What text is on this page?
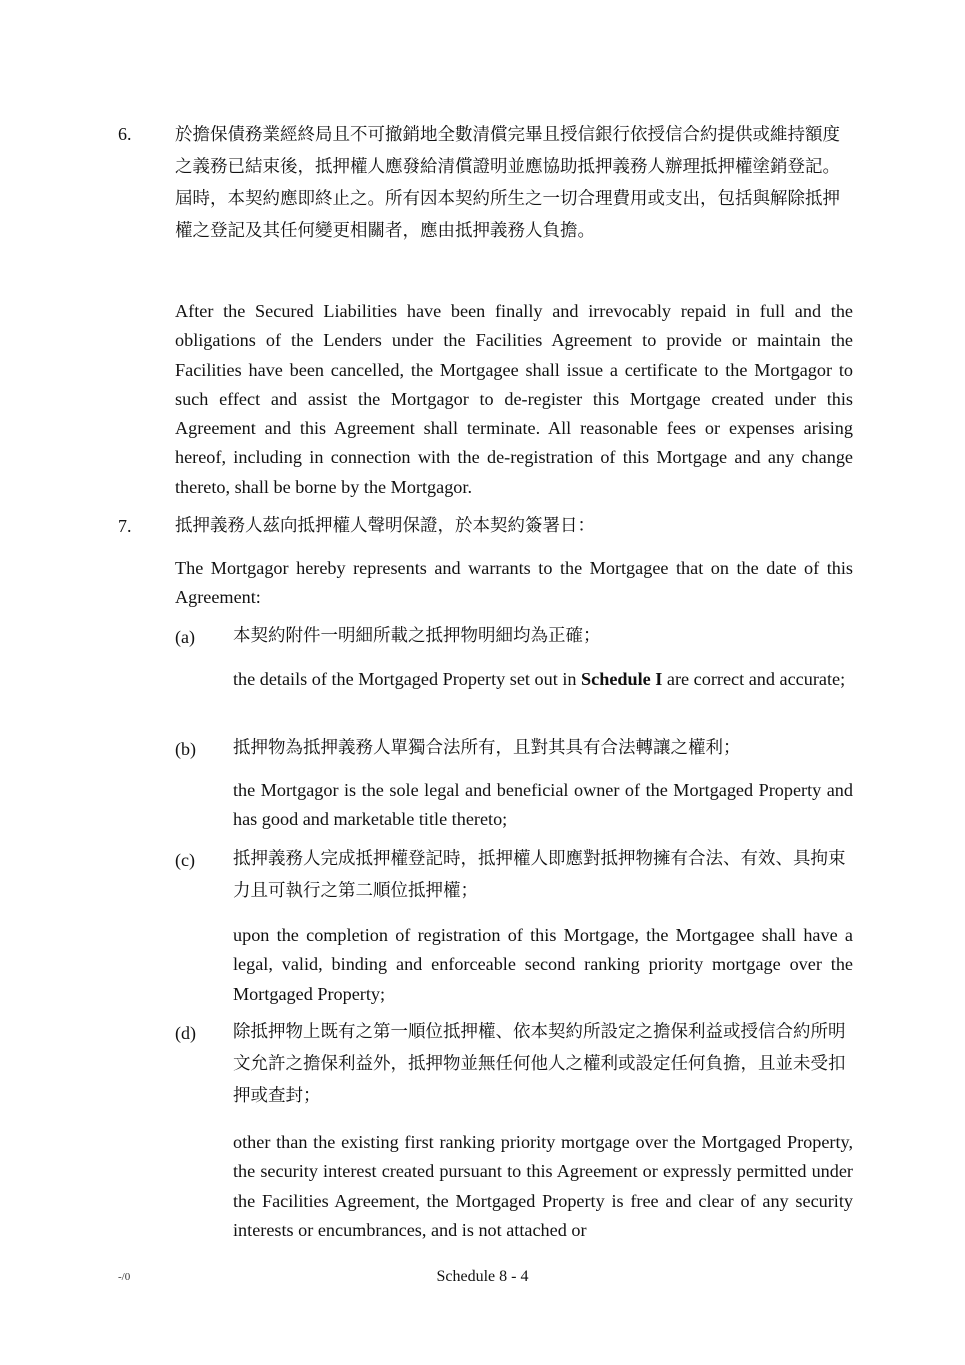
6. 於擔保債務業經終局且不可撤銷地全數清償完畢且授信銀行依授信合約提供或維持額度之義務已結束後，抵押權人應發給清償證明並應協助抵押義務人辦理抵押權塗銷登記。屆時，本契約應即終止之。所有因本契約所生之一切合理費用或支出，包括與解除抵押權之登記及其任何變更相關者，應由抵押義務人負擔。
After the Secured Liabilities have been finally and irrevocably repaid in full and the obligations of the Lenders under the Facilities Agreement to provide or maintain the Facilities have been cancelled, the Mortgagee shall issue a certificate to the Mortgagor to such effect and assist the Mortgagor to de-register this Mortgage created under this Agreement and this Agreement shall terminate. All reasonable fees or expenses arising hereof, including in connection with the de-registration of this Mortgage and any change thereto, shall be borne by the Mortgagor.
7. 抵押義務人茲向抵押權人聲明保證，於本契約簽署日：
The Mortgagor hereby represents and warrants to the Mortgagee that on the date of this Agreement:
(a) 本契約附件一明細所載之抵押物明細均為正確；
the details of the Mortgaged Property set out in Schedule I are correct and accurate;
(b) 抵押物為抵押義務人單獨合法所有，且對其具有合法轉讓之權利；
the Mortgagor is the sole legal and beneficial owner of the Mortgaged Property and has good and marketable title thereto;
(c) 抵押義務人完成抵押權登記時，抵押權人即應對抵押物擁有合法、有效、具拘束力且可執行之第二順位抵押權；
upon the completion of registration of this Mortgage, the Mortgagee shall have a legal, valid, binding and enforceable second ranking priority mortgage over the Mortgaged Property;
(d) 除抵押物上既有之第一順位抵押權、依本契約所設定之擔保利益或授信合約所明文允許之擔保利益外，抵押物並無任何他人之權利或設定任何負擔，且並未受扣押或查封；
other than the existing first ranking priority mortgage over the Mortgaged Property, the security interest created pursuant to this Agreement or expressly permitted under the Facilities Agreement, the Mortgaged Property is free and clear of any security interests or encumbrances, and is not attached or
-/0	Schedule 8 - 4
